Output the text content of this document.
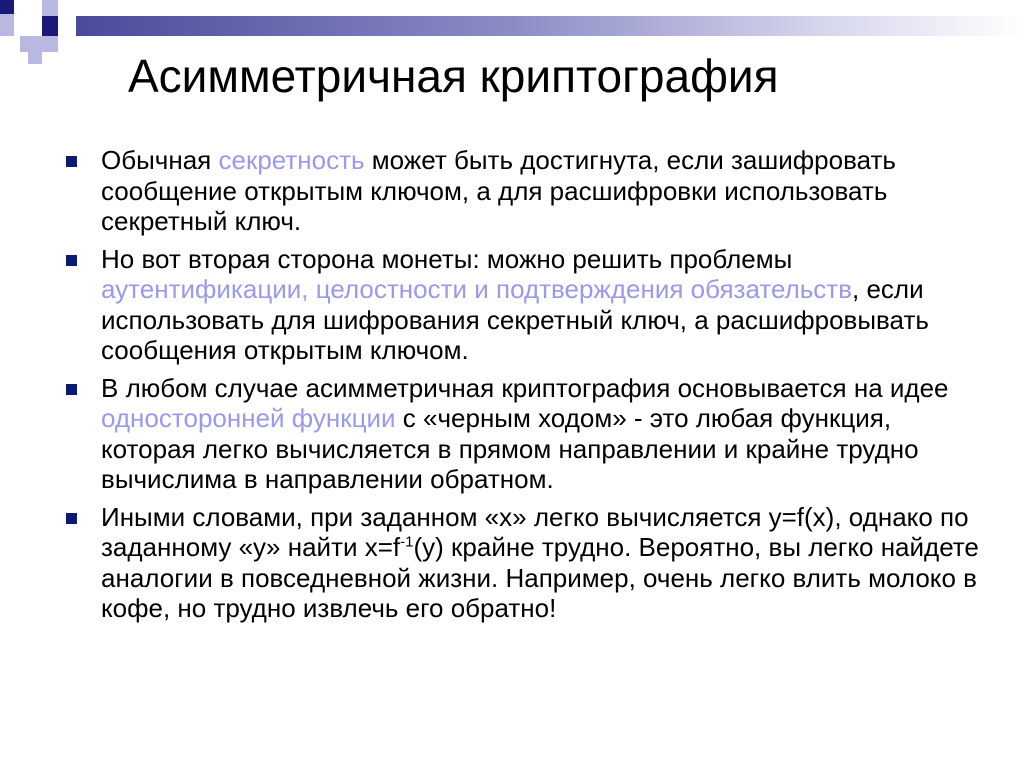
Асимметричная криптография
Обычная секретность может быть достигнута, если зашифровать сообщение открытым ключом, а для расшифровки использовать секретный ключ.
Но вот вторая сторона монеты: можно решить проблемы аутентификации, целостности и подтверждения обязательств, если использовать для шифрования секретный ключ, а расшифровывать сообщения открытым ключом.
В любом случае асимметричная криптография основывается на идее односторонней функции с «черным ходом» - это любая функция, которая легко вычисляется в прямом направлении и крайне трудно вычислима в направлении обратном.
Иными словами, при заданном «x» легко вычисляется y=f(x), однако по заданному «y» найти $x=f^{-1}(y)$ крайне трудно. Вероятно, вы легко найдете аналогии в повседневной жизни. Например, очень легко влить молоко в кофе, но трудно извлечь его обратно!
